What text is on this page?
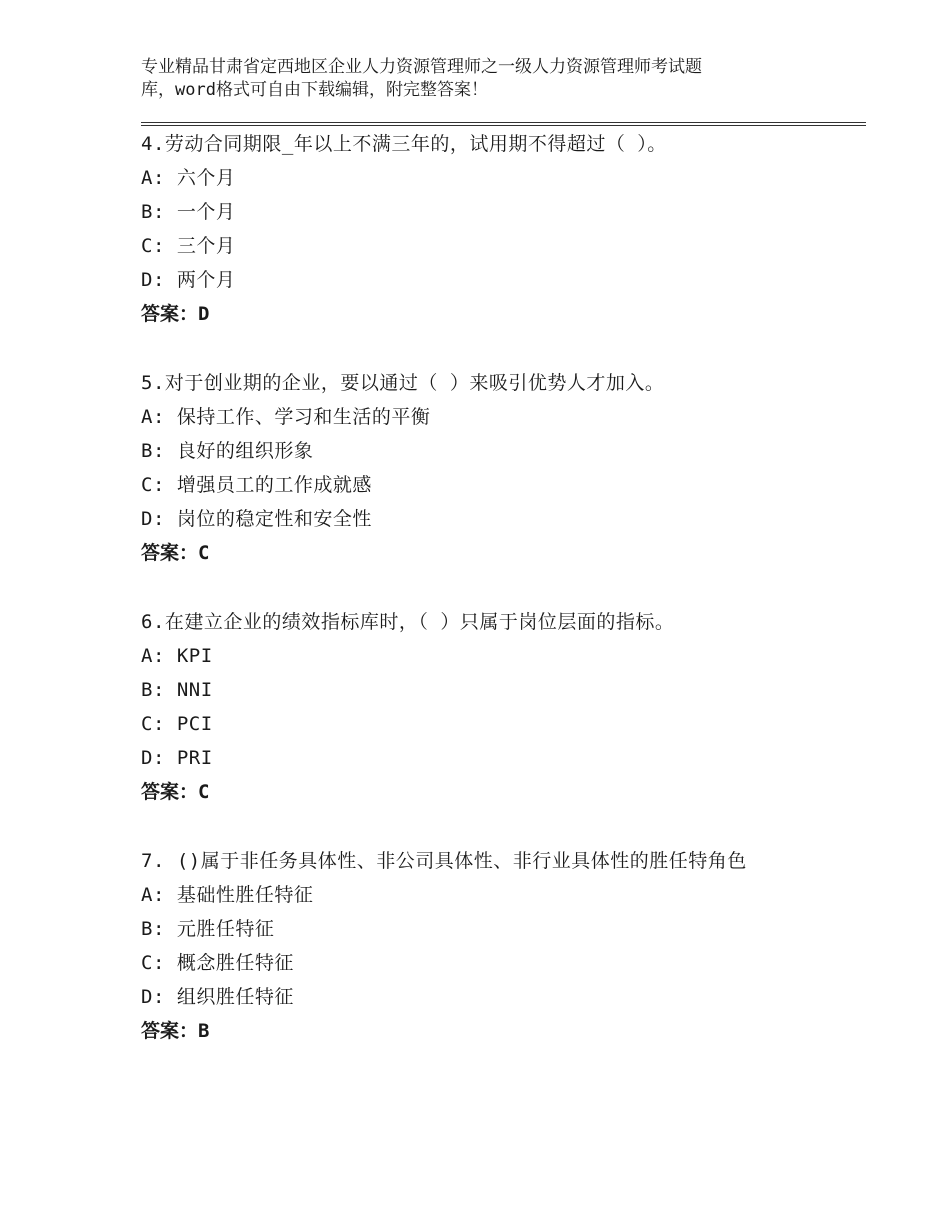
专业精品甘肃省定西地区企业人力资源管理师之一级人力资源管理师考试题
库，word格式可自由下载编辑，附完整答案！
4.劳动合同期限_年以上不满三年的，试用期不得超过（ ）。
A: 六个月
B: 一个月
C: 三个月
D: 两个月
答案：D
5.对于创业期的企业，要以通过（ ）来吸引优势人才加入。
A: 保持工作、学习和生活的平衡
B: 良好的组织形象
C: 增强员工的工作成就感
D: 岗位的稳定性和安全性
答案：C
6.在建立企业的绩效指标库时，（ ）只属于岗位层面的指标。
A: KPI
B: NNI
C: PCI
D: PRI
答案：C
7. ()属于非任务具体性、非公司具体性、非行业具体性的胜任特角色
A: 基础性胜任特征
B: 元胜任特征
C: 概念胜任特征
D: 组织胜任特征
答案：B
